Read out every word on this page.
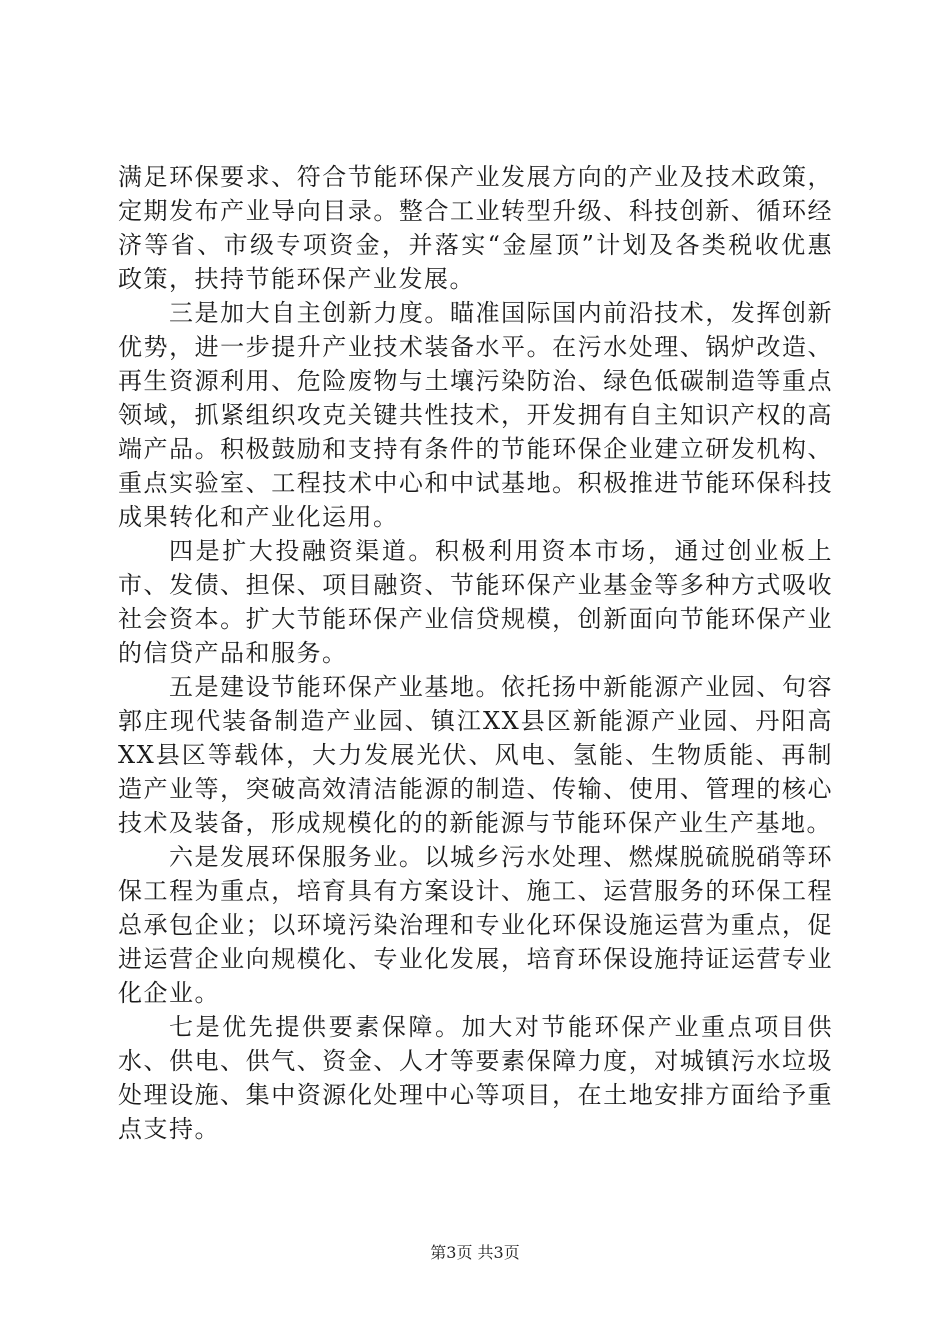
满足环保要求、符合节能环保产业发展方向的产业及技术政策，定期发布产业导向目录。整合工业转型升级、科技创新、循环经济等省、市级专项资金，并落实“金屋顶”计划及各类税收优惠政策，扶持节能环保产业发展。

三是加大自主创新力度。瞄准国际国内前沿技术，发挥创新优势，进一步提升产业技术装备水平。在污水处理、锅炉改造、再生资源利用、危险废物与土壤污染防治、绿色低碳制造等重点领域，抓紧组织攻克关键共性技术，开发拥有自主知识产权的高端产品。积极鼓励和支持有条件的节能环保企业建立研发机构、重点实验室、工程技术中心和中试基地。积极推进节能环保科技成果转化和产业化运用。

四是扩大投融资渠道。积极利用资本市场，通过创业板上市、发债、担保、项目融资、节能环保产业基金等多种方式吸收社会资本。扩大节能环保产业信贷规模，创新面向节能环保产业的信贷产品和服务。

五是建设节能环保产业基地。依托扬中新能源产业园、句容郭庄现代装备制造产业园、镇江XX县区新能源产业园、丹阳高XX县区等载体，大力发展光伏、风电、氢能、生物质能、再制造产业等，突破高效清洁能源的制造、传输、使用、管理的核心技术及装备，形成规模化的的新能源与节能环保产业生产基地。

六是发展环保服务业。以城乡污水处理、燃煤脱硫脱硝等环保工程为重点，培育具有方案设计、施工、运营服务的环保工程总承包企业；以环境污染治理和专业化环保设施运营为重点，促进运营企业向规模化、专业化发展，培育环保设施持证运营专业化企业。

七是优先提供要素保障。加大对节能环保产业重点项目供水、供电、供气、资金、人才等要素保障力度，对城镇污水垃圾处理设施、集中资源化处理中心等项目，在土地安排方面给予重点支持。

第3页 共3页
